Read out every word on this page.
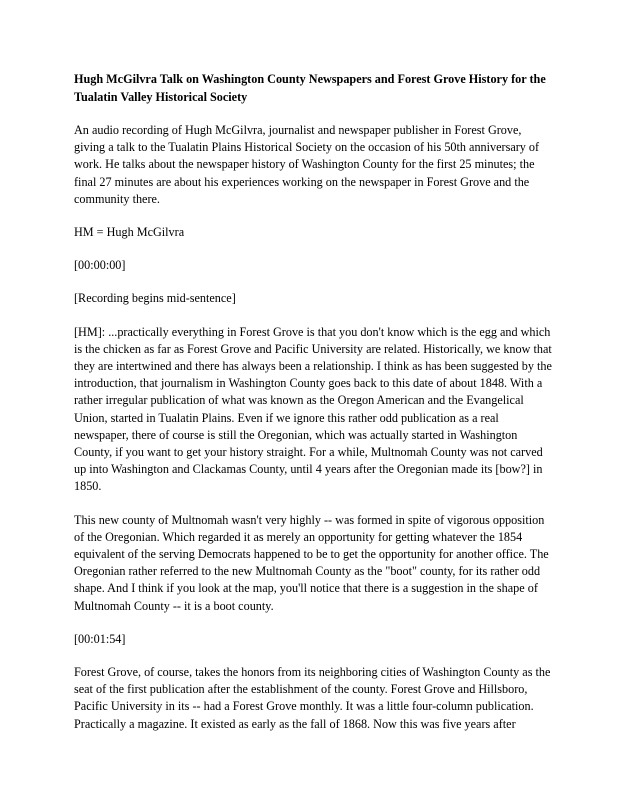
Hugh McGilvra Talk on Washington County Newspapers and Forest Grove History for the Tualatin Valley Historical Society

An audio recording of Hugh McGilvra, journalist and newspaper publisher in Forest Grove, giving a talk to the Tualatin Plains Historical Society on the occasion of his 50th anniversary of work. He talks about the newspaper history of Washington County for the first 25 minutes; the final 27 minutes are about his experiences working on the newspaper in Forest Grove and the community there.

HM = Hugh McGilvra

[00:00:00]

[Recording begins mid-sentence]

[HM]: ...practically everything in Forest Grove is that you don't know which is the egg and which is the chicken as far as Forest Grove and Pacific University are related. Historically, we know that they are intertwined and there has always been a relationship. I think as has been suggested by the introduction, that journalism in Washington County goes back to this date of about 1848. With a rather irregular publication of what was known as the Oregon American and the Evangelical Union, started in Tualatin Plains. Even if we ignore this rather odd publication as a real newspaper, there of course is still the Oregonian, which was actually started in Washington County, if you want to get your history straight. For a while, Multnomah County was not carved up into Washington and Clackamas County, until 4 years after the Oregonian made its [bow?] in 1850.

This new county of Multnomah wasn't very highly -- was formed in spite of vigorous opposition of the Oregonian. Which regarded it as merely an opportunity for getting whatever the 1854 equivalent of the serving Democrats happened to be to get the opportunity for another office. The Oregonian rather referred to the new Multnomah County as the "boot" county, for its rather odd shape. And I think if you look at the map, you'll notice that there is a suggestion in the shape of Multnomah County -- it is a boot county.

[00:01:54]

Forest Grove, of course, takes the honors from its neighboring cities of Washington County as the seat of the first publication after the establishment of the county. Forest Grove and Hillsboro, Pacific University in its -- had a Forest Grove monthly. It was a little four-column publication. Practically a magazine. It existed as early as the fall of 1868. Now this was five years after
